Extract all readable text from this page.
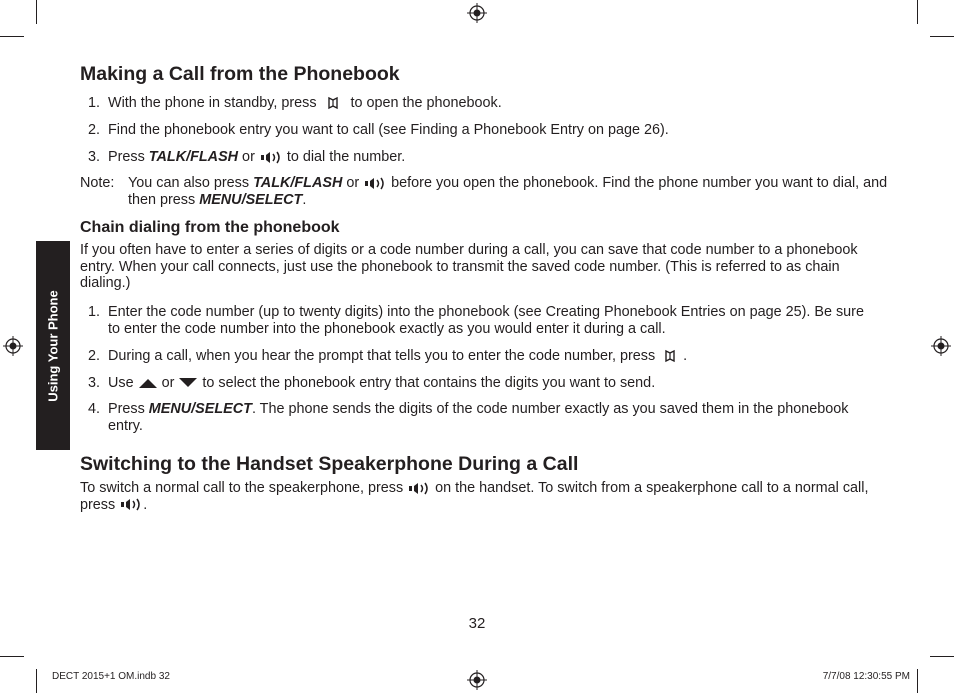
Using Your Phone
Making a Call from the Phonebook
1. With the phone in standby, press  to open the phonebook.
2. Find the phonebook entry you want to call (see Finding a Phonebook Entry on page 26).
3. Press TALK/FLASH or  to dial the number.
Note: You can also press TALK/FLASH or  before you open the phonebook. Find the phone number you want to dial, and then press MENU/SELECT.
Chain dialing from the phonebook
If you often have to enter a series of digits or a code number during a call, you can save that code number to a phonebook entry. When your call connects, just use the phonebook to transmit the saved code number. (This is referred to as chain dialing.)
1. Enter the code number (up to twenty digits) into the phonebook (see Creating Phonebook Entries on page 25). Be sure to enter the code number into the phonebook exactly as you would enter it during a call.
2. During a call, when you hear the prompt that tells you to enter the code number, press .
3. Use  or  to select the phonebook entry that contains the digits you want to send.
4. Press MENU/SELECT. The phone sends the digits of the code number exactly as you saved them in the phonebook entry.
Switching to the Handset Speakerphone During a Call
To switch a normal call to the speakerphone, press  on the handset. To switch from a speakerphone call to a normal call, press .
32
DECT 2015+1 OM.indb 32	7/7/08 12:30:55 PM
